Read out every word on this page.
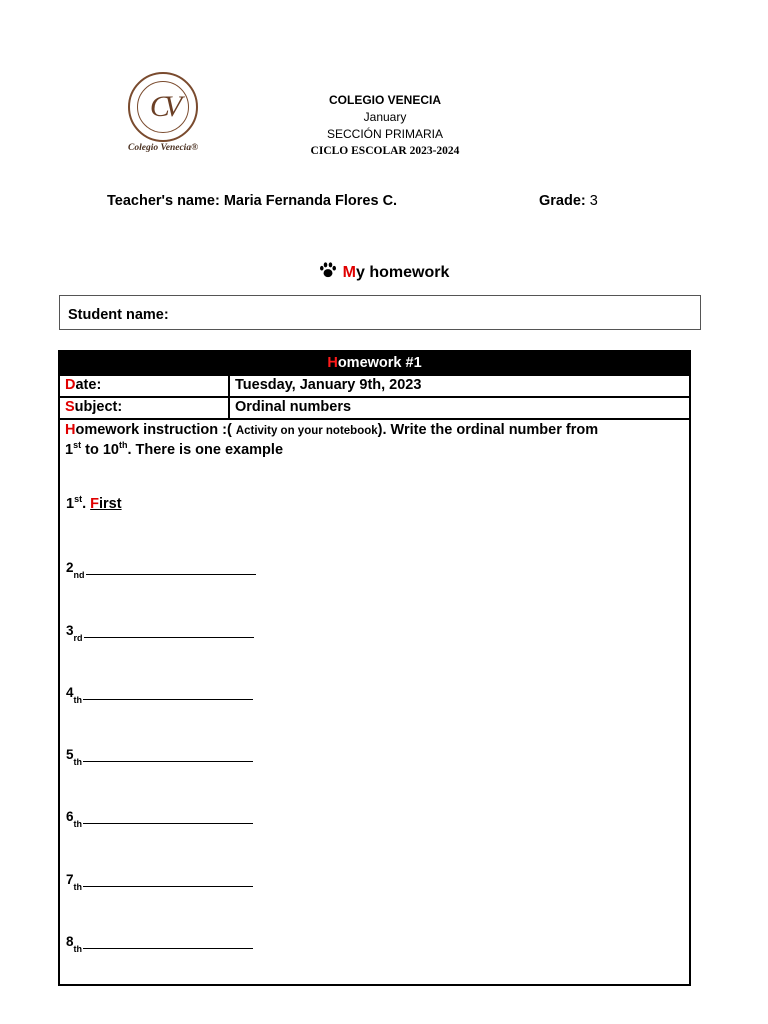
CV
Colegio Venecia®
COLEGIO VENECIA
January
SECCIÓN PRIMARIA
CICLO ESCOLAR 2023-2024
Teacher's name: Maria Fernanda Flores C.	Grade: 3
My homework
Student name:
Homework #1
Date:	Tuesday, January 9th, 2023
Subject:	Ordinal numbers
Homework instruction :( Activity on your notebook). Write the ordinal number from
1st to 10th. There is one example
1st. First
2 nd
3 rd
4 th
5 th
6 th
7 th
8 th
